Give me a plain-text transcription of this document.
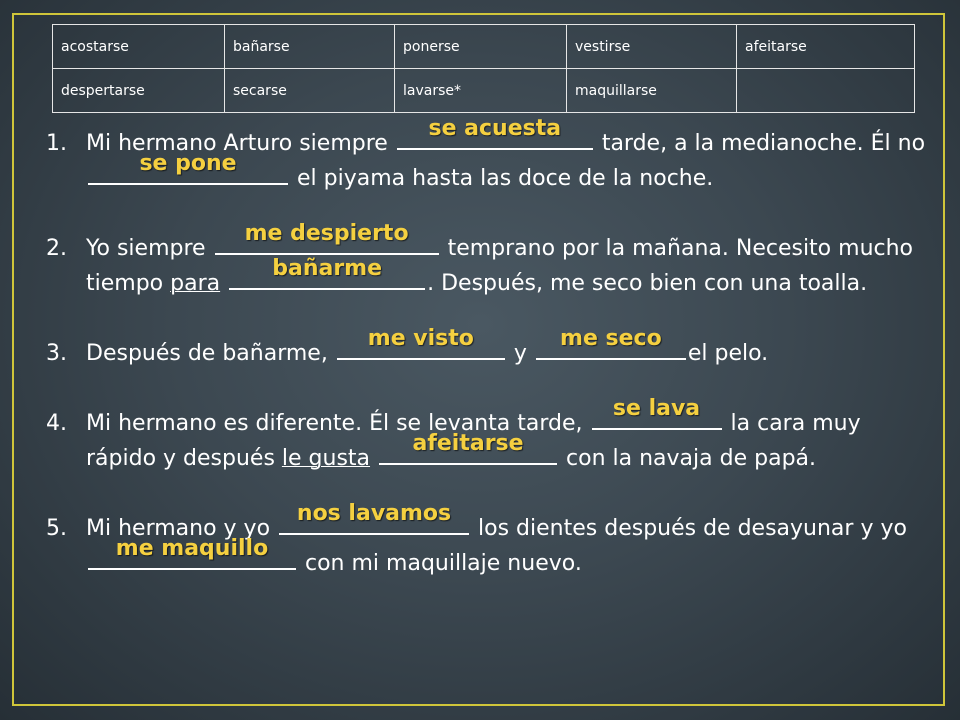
acostarse	bañarse	ponerse	vestirse	afeitarse
despertarse	secarse	lavarse*	maquillarse	
1. Mi hermano Arturo siempre
se acuesta
tarde, a la medianoche. Él no
se pone
el piyama hasta las doce de la noche.
2. Yo siempre
me despierto
temprano por la mañana. Necesito mucho tiempo para
bañarme
. Después, me seco bien con una toalla.
3. Después de bañarme,
me visto
y
me seco
el pelo.
4. Mi hermano es diferente. Él se levanta tarde,
se lava
la cara muy rápido y después le gusta
afeitarse
con la navaja de papá.
5. Mi hermano y yo
nos lavamos
los dientes después de desayunar y yo
me maquillo
con mi maquillaje nuevo.
